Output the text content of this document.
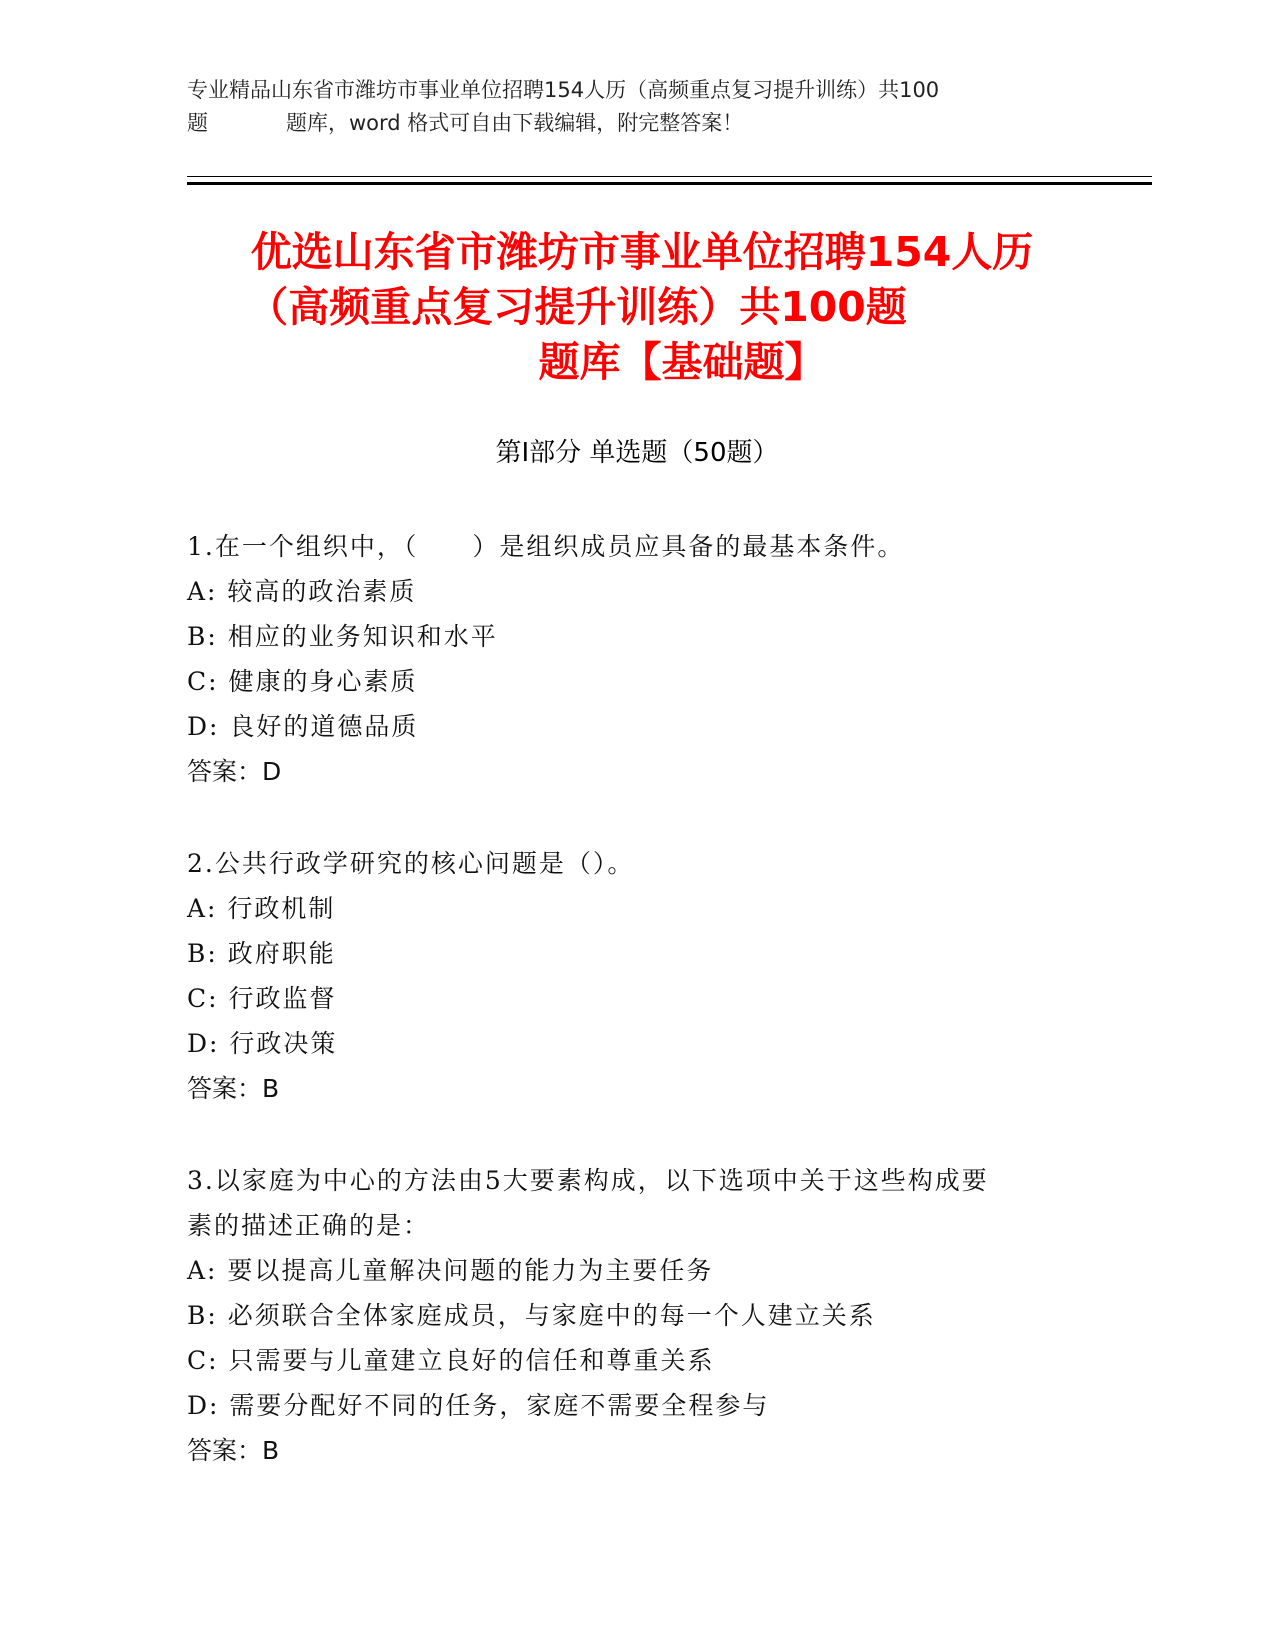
专业精品山东省市潍坊市事业单位招聘154人历（高频重点复习提升训练）共100
题	题库，word 格式可自由下载编辑，附完整答案！
优选山东省市潍坊市事业单位招聘154人历
（高频重点复习提升训练）共100题
题库【基础题】
第Ⅰ部分 单选题（50题）
1.在一个组织中，（　　）是组织成员应具备的最基本条件。
A: 较高的政治素质
B: 相应的业务知识和水平
C: 健康的身心素质
D: 良好的道德品质
答案：D
2.公共行政学研究的核心问题是（）。
A: 行政机制
B: 政府职能
C: 行政监督
D: 行政决策
答案：B
3.以家庭为中心的方法由5大要素构成，以下选项中关于这些构成要
素的描述正确的是：
A: 要以提高儿童解决问题的能力为主要任务
B: 必须联合全体家庭成员，与家庭中的每一个人建立关系
C: 只需要与儿童建立良好的信任和尊重关系
D: 需要分配好不同的任务，家庭不需要全程参与
答案：B
